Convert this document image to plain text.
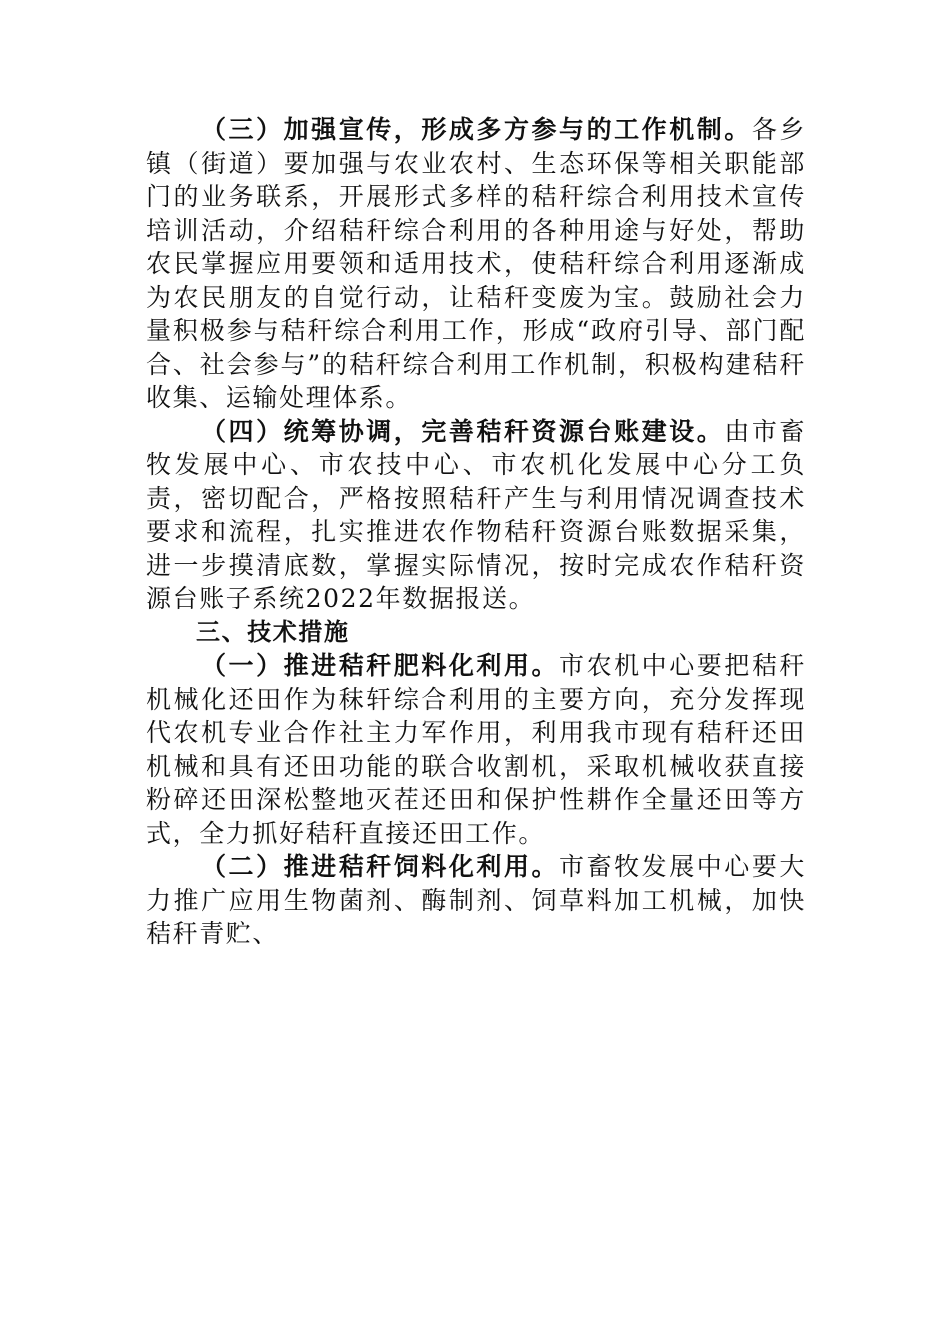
（三）加强宣传，形成多方参与的工作机制。各乡镇（街道）要加强与农业农村、生态环保等相关职能部门的业务联系，开展形式多样的秸秆综合利用技术宣传培训活动，介绍秸秆综合利用的各种用途与好处，帮助农民掌握应用要领和适用技术，使秸秆综合利用逐渐成为农民朋友的自觉行动，让秸秆变废为宝。鼓励社会力量积极参与秸秆综合利用工作，形成“政府引导、部门配合、社会参与”的秸秆综合利用工作机制，积极构建秸秆收集、运输处理体系。

（四）统筹协调，完善秸秆资源台账建设。由市畜牧发展中心、市农技中心、市农机化发展中心分工负责，密切配合，严格按照秸秆产生与利用情况调查技术要求和流程，扎实推进农作物秸秆资源台账数据采集，进一步摸清底数，掌握实际情况，按时完成农作秸秆资源台账子系统2022年数据报送。

三、技术措施

（一）推进秸秆肥料化利用。市农机中心要把秸秆机械化还田作为秣轩综合利用的主要方向，充分发挥现代农机专业合作社主力军作用，利用我市现有秸秆还田机械和具有还田功能的联合收割机，采取机械收获直接粉碎还田深松整地灭茬还田和保护性耕作全量还田等方式，全力抓好秸秆直接还田工作。

（二）推进秸秆饲料化利用。市畜牧发展中心要大力推广应用生物菌剂、酶制剂、饲草料加工机械，加快秸秆青贮、
